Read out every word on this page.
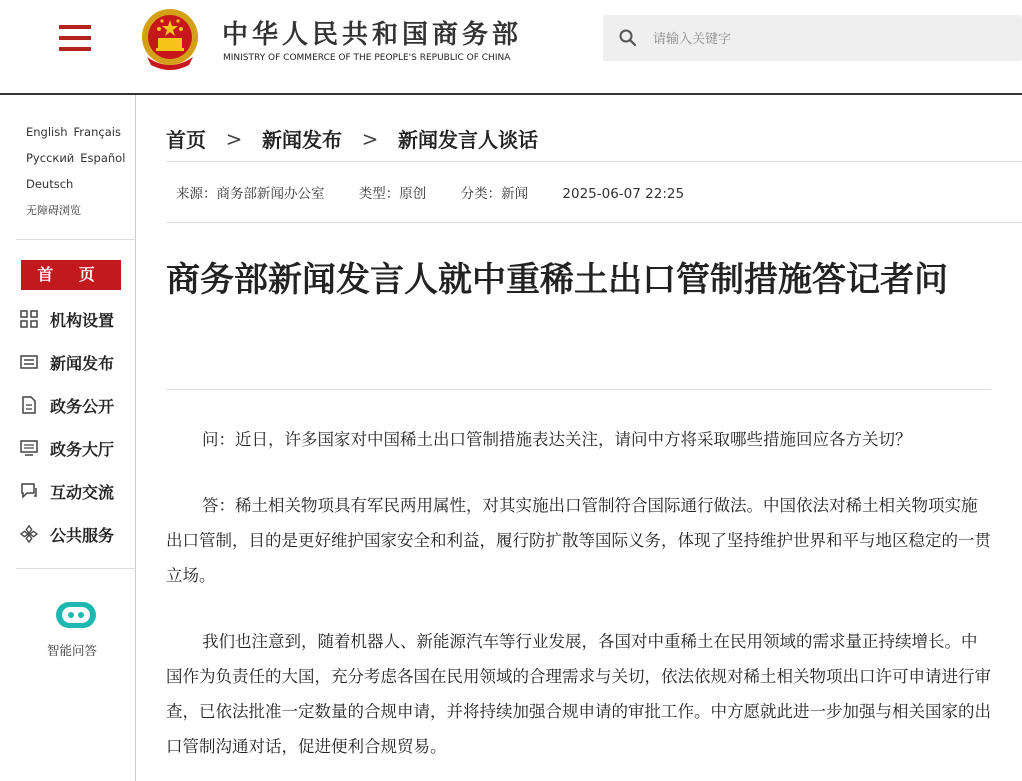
中华人民共和国商务部
MINISTRY OF COMMERCE OF THE PEOPLE'S REPUBLIC OF CHINA
请输入关键字
English Français
Русский Español
Deutsch
无障碍浏览
首 页
机构设置
新闻发布
政务公开
政务大厅
互动交流
公共服务
智能问答
首页 > 新闻发布 > 新闻发言人谈话
来源：商务部新闻办公室	类型：原创	分类：新闻	2025-06-07 22:25
商务部新闻发言人就中重稀土出口管制措施答记者问

问：近日，许多国家对中国稀土出口管制措施表达关注，请问中方将采取哪些措施回应各方关切？

答：稀土相关物项具有军民两用属性，对其实施出口管制符合国际通行做法。中国依法对稀土相关物项实施出口管制，目的是更好维护国家安全和利益，履行防扩散等国际义务，体现了坚持维护世界和平与地区稳定的一贯立场。

我们也注意到，随着机器人、新能源汽车等行业发展，各国对中重稀土在民用领域的需求量正持续增长。中国作为负责任的大国，充分考虑各国在民用领域的合理需求与关切，依法依规对稀土相关物项出口许可申请进行审查，已依法批准一定数量的合规申请，并将持续加强合规申请的审批工作。中方愿就此进一步加强与相关国家的出口管制沟通对话，促进便利合规贸易。
